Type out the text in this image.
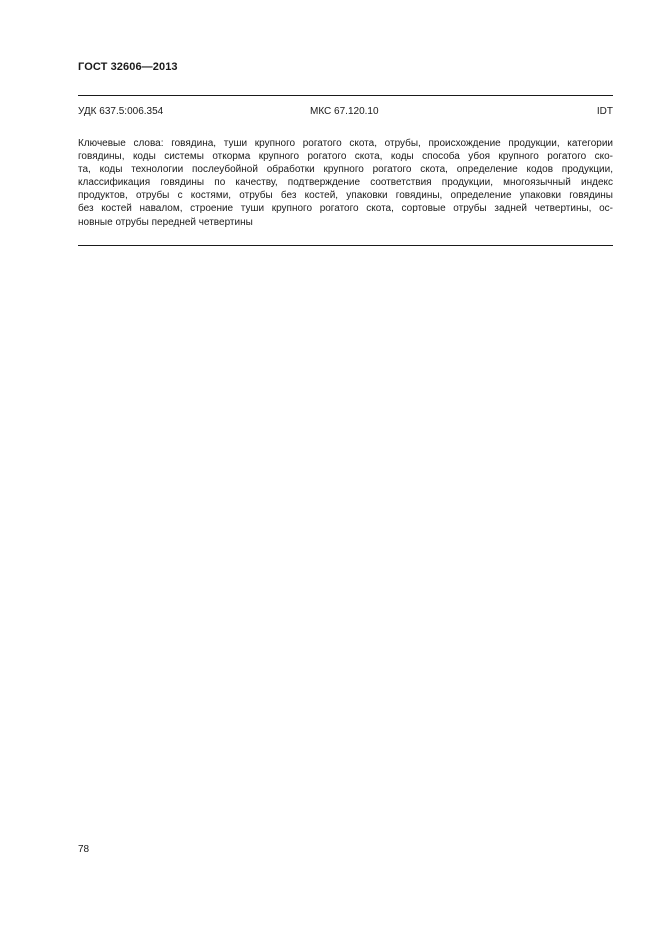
ГОСТ 32606—2013
УДК 637.5:006.354	МКС 67.120.10	IDT
Ключевые слова: говядина, туши крупного рогатого скота, отрубы, происхождение продукции, категории
говядины, коды системы откорма крупного рогатого скота, коды способа убоя крупного рогатого ско-
та, коды технологии послеубойной обработки крупного рогатого скота, определение кодов продукции,
классификация говядины по качеству, подтверждение соответствия продукции, многоязычный индекс
продуктов, отрубы с костями, отрубы без костей, упаковки говядины, определение упаковки говядины
без костей навалом, строение туши крупного рогатого скота, сортовые отрубы задней четвертины, ос-
новные отрубы передней четвертины
78
